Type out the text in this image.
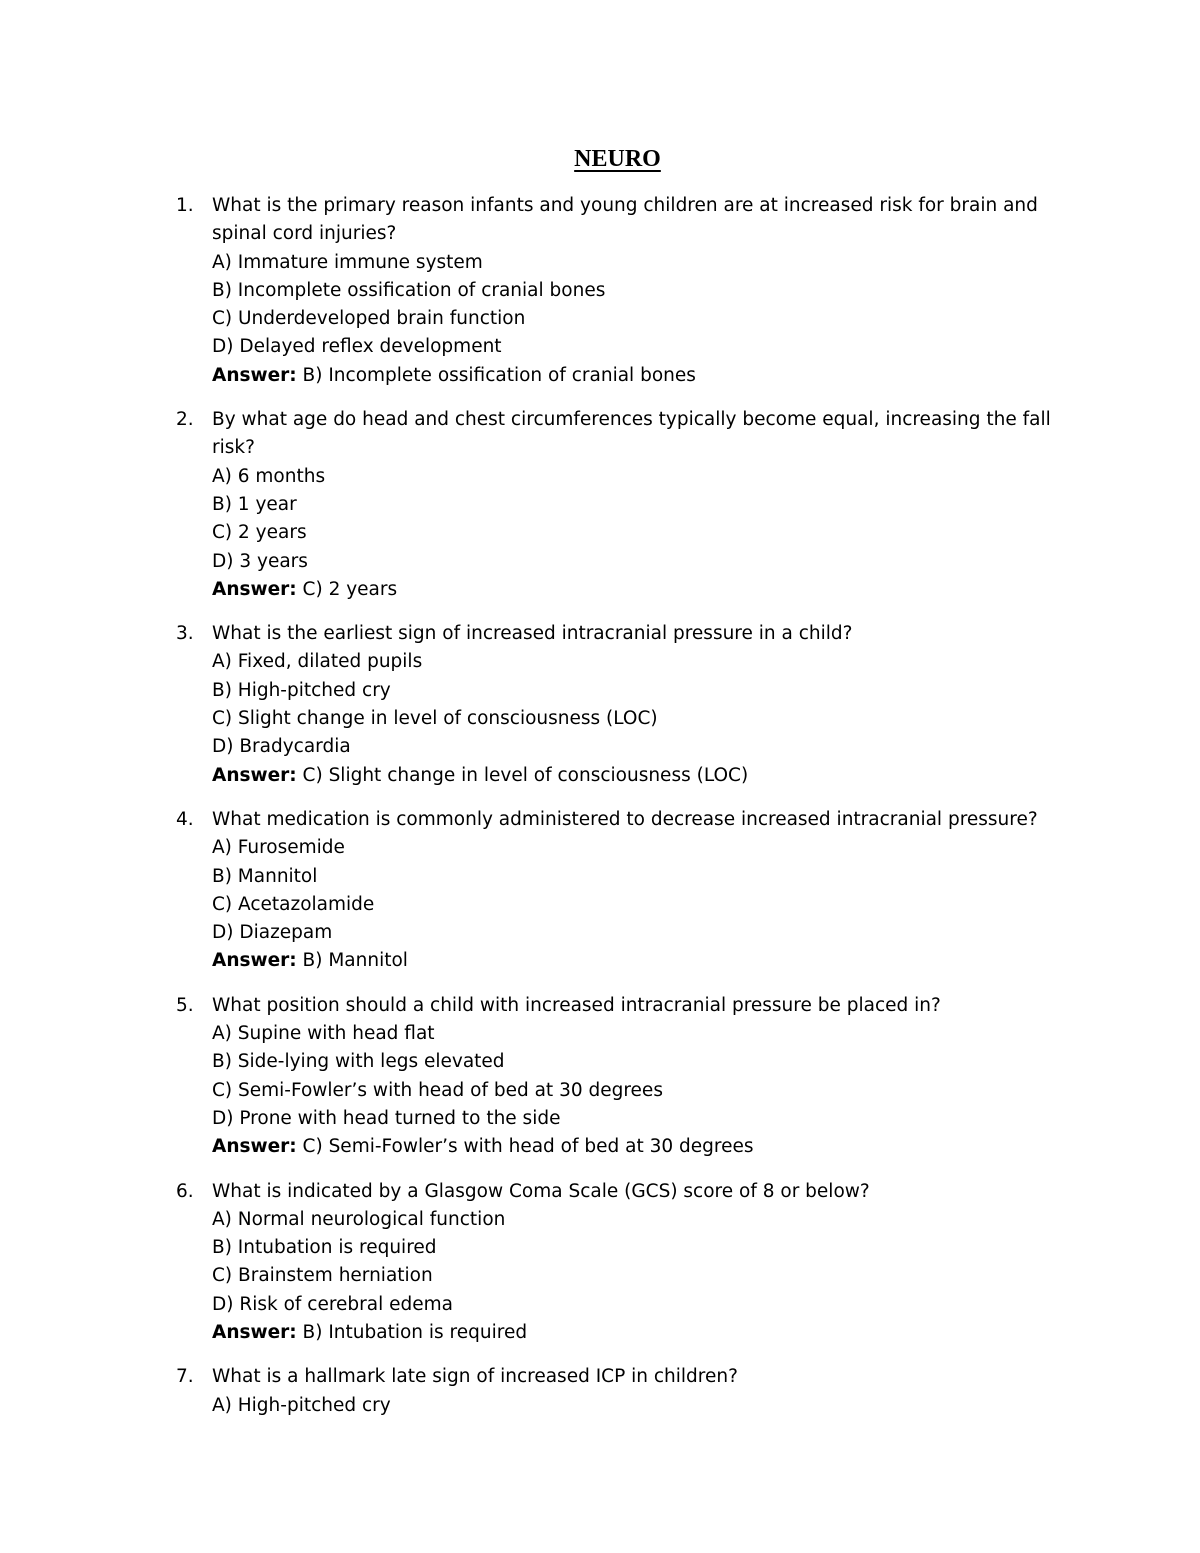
NEURO
1. What is the primary reason infants and young children are at increased risk for brain and spinal cord injuries?

A) Immature immune system

B) Incomplete ossification of cranial bones

C) Underdeveloped brain function

D) Delayed reflex development

Answer: B) Incomplete ossification of cranial bones

2. By what age do head and chest circumferences typically become equal, increasing the fall risk?

A) 6 months

B) 1 year

C) 2 years

D) 3 years

Answer: C) 2 years

3. What is the earliest sign of increased intracranial pressure in a child?

A) Fixed, dilated pupils

B) High-pitched cry

C) Slight change in level of consciousness (LOC)

D) Bradycardia

Answer: C) Slight change in level of consciousness (LOC)

4. What medication is commonly administered to decrease increased intracranial pressure?

A) Furosemide

B) Mannitol

C) Acetazolamide

D) Diazepam

Answer: B) Mannitol

5. What position should a child with increased intracranial pressure be placed in?

A) Supine with head flat

B) Side-lying with legs elevated

C) Semi-Fowler’s with head of bed at 30 degrees

D) Prone with head turned to the side

Answer: C) Semi-Fowler’s with head of bed at 30 degrees

6. What is indicated by a Glasgow Coma Scale (GCS) score of 8 or below?

A) Normal neurological function

B) Intubation is required

C) Brainstem herniation

D) Risk of cerebral edema

Answer: B) Intubation is required

7. What is a hallmark late sign of increased ICP in children?

A) High-pitched cry
